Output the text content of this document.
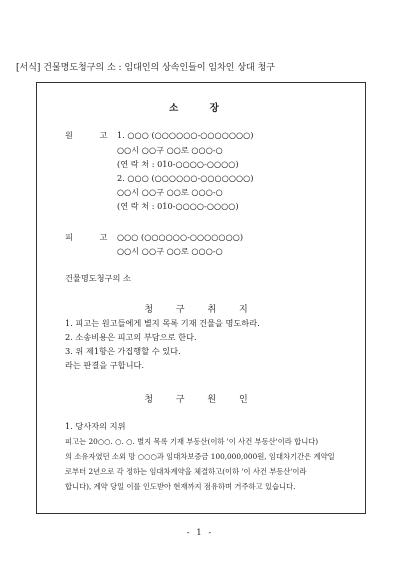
[서식] 건물명도청구의 소 : 임대인의 상속인들이 임차인 상대 청구
소 장
원 고
1. ○○○ (○○○○○○-○○○○○○○)
○○시 ○○구 ○○로 ○○○-○
(연 락 처 : 010-○○○○-○○○○)
2. ○○○ (○○○○○○-○○○○○○○)
○○시 ○○구 ○○로 ○○○-○
(연 락 처 : 010-○○○○-○○○○)
피 고
○○○ (○○○○○○-○○○○○○○)
○○시 ○○구 ○○로 ○○○-○
건물명도청구의 소
청 구 취 지
1. 피고는 원고들에게 별지 목록 기재 건물을 명도하라.
2. 소송비용은 피고의 부담으로 한다.
3. 위 제1항은 가집행할 수 있다.
라는 판결을 구합니다.
청 구 원 인
1. 당사자의 지위
피고는 20○○. ○. ○. 별지 목록 기재 부동산(이하 '이 사건 부동산'이라 합니다)
의 소유자였던 소외 망 ○○○과 임대차보증금 100,000,000원, 임대차기간은 계약일
로부터 2년으로 각 정하는 임대차계약을 체결하고(이하 '이 사건 부동산'이라
합니다), 계약 당일 이를 인도받아 현재까지 점유하며 거주하고 있습니다.
- 1 -
